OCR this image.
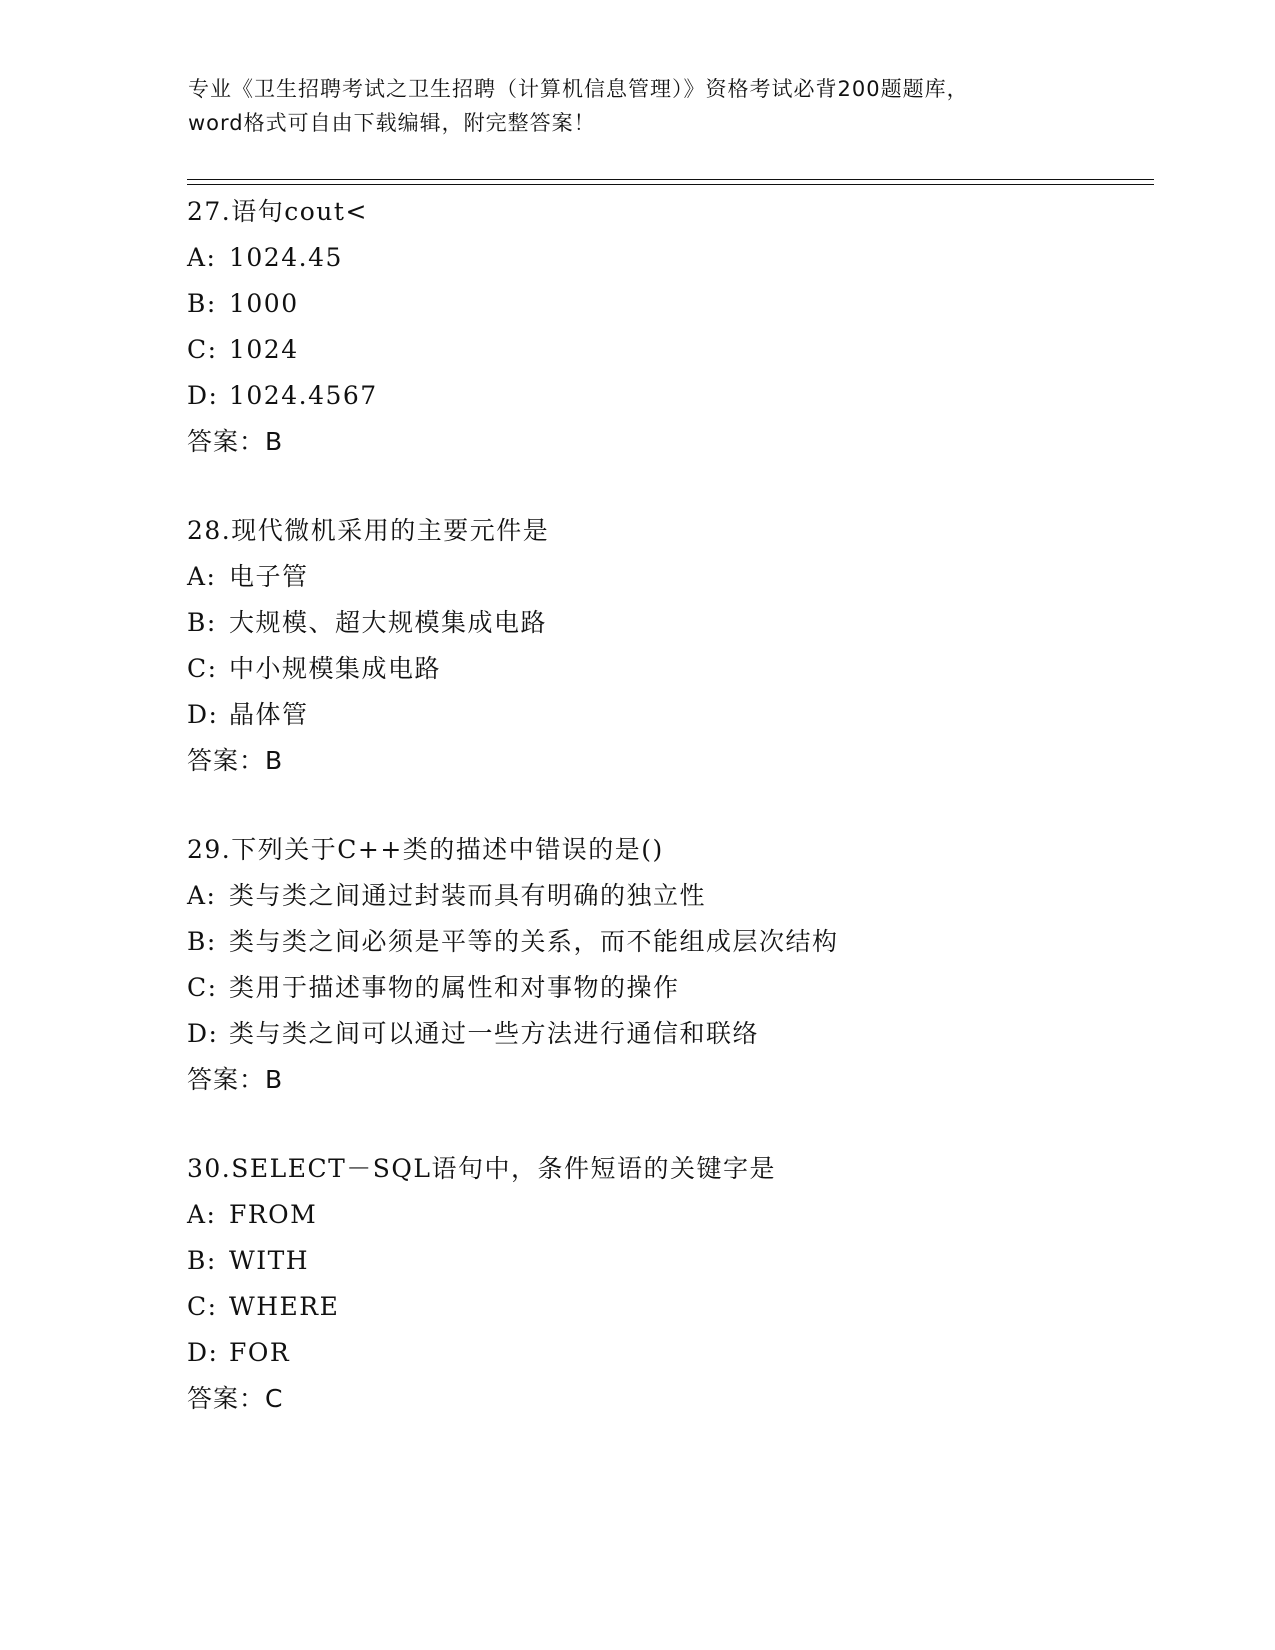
专业《卫生招聘考试之卫生招聘（计算机信息管理）》资格考试必背200题题库，
word格式可自由下载编辑，附完整答案！
27.语句cout<
A: 1024.45
B: 1000
C: 1024
D: 1024.4567
答案：B
28.现代微机采用的主要元件是
A: 电子管
B: 大规模、超大规模集成电路
C: 中小规模集成电路
D: 晶体管
答案：B
29.下列关于C++类的描述中错误的是()
A: 类与类之间通过封装而具有明确的独立性
B: 类与类之间必须是平等的关系，而不能组成层次结构
C: 类用于描述事物的属性和对事物的操作
D: 类与类之间可以通过一些方法进行通信和联络
答案：B
30.SELECT－SQL语句中，条件短语的关键字是
A: FROM
B: WITH
C: WHERE
D: FOR
答案：C
